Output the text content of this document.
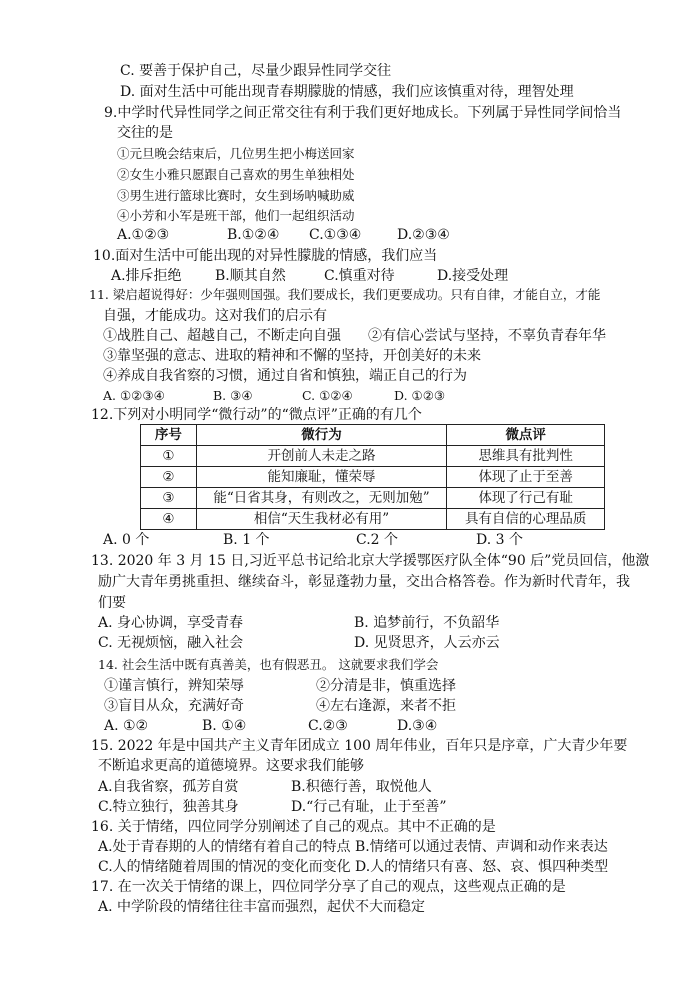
C. 要善于保护自己，尽量少跟异性同学交往
D. 面对生活中可能出现青春期朦胧的情感，我们应该慎重对待，理智处理
9.中学时代异性同学之间正常交往有利于我们更好地成长。下列属于异性同学间恰当
交往的是
①元旦晚会结束后，几位男生把小梅送回家
②女生小雅只愿跟自己喜欢的男生单独相处
③男生进行篮球比赛时，女生到场呐喊助威
④小芳和小军是班干部，他们一起组织活动
A.①②③	B.①②④ C.①③④	D.②③④
10.面对生活中可能出现的对异性朦胧的情感，我们应当
A.排斥拒绝 B.顺其自然	C.慎重对待	D.接受处理
11. 梁启超说得好：少年强则国强。我们要成长，我们更要成功。只有自律，才能自立，才能
自强，才能成功。这对我们的启示有
①战胜自己、超越自己，不断走向自强 ②有信心尝试与坚持，不辜负青春年华
③靠坚强的意志、进取的精神和不懈的坚持，开创美好的未来
④养成自我省察的习惯，通过自省和慎独，端正自己的行为
A. ①②③④	B. ③④	C. ①②④	D. ①②③
12.下列对小明同学“微行动”的“微点评”正确的有几个
序号	微行为	微点评
①	开创前人未走之路	思维具有批判性
②	能知廉耻，懂荣辱	体现了止于至善
③	能“日省其身，有则改之，无则加勉”	体现了行己有耻
④	相信“天生我材必有用”	具有自信的心理品质
A. 0 个	B. 1 个	C.2 个	D. 3 个
13. 2020 年 3 月 15 日,习近平总书记给北京大学援鄂医疗队全体“90 后”党员回信，他激
励广大青年勇挑重担、继续奋斗，彰显蓬勃力量，交出合格答卷。作为新时代青年，我
们要
A. 身心协调，享受青春	B. 追梦前行，不负韶华
C. 无视烦恼，融入社会	D. 见贤思齐，人云亦云
14. 社会生活中既有真善美，也有假恶丑。 这就要求我们学会
①谨言慎行，辨知荣辱	②分清是非，慎重选择
③盲目从众，充满好奇	④左右逢源，来者不拒
A. ①②	B. ①④	C.②③	D.③④
15. 2022 年是中国共产主义青年团成立 100 周年伟业，百年只是序章，广大青少年要
不断追求更高的道德境界。这要求我们能够
A.自我省察，孤芳自赏	B.积德行善，取悦他人
C.特立独行，独善其身	D.“行己有耻，止于至善”
16. 关于情绪，四位同学分别阐述了自己的观点。其中不正确的是
A.处于青春期的人的情绪有着自己的特点 B.情绪可以通过表情、声调和动作来表达
C.人的情绪随着周围的情况的变化而变化 D.人的情绪只有喜、怒、哀、惧四种类型
17. 在一次关于情绪的课上，四位同学分享了自己的观点，这些观点正确的是
A. 中学阶段的情绪往往丰富而强烈，起伏不大而稳定
